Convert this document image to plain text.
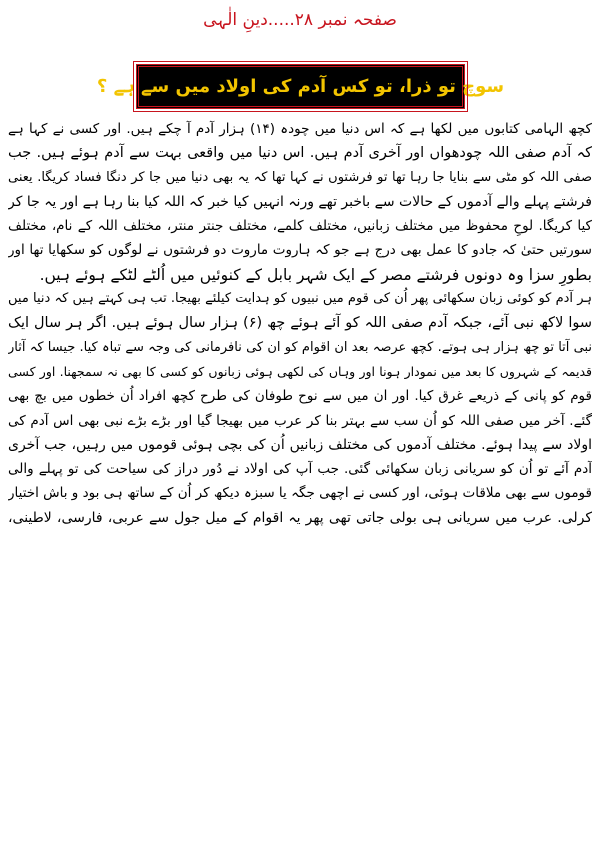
صفحہ نمبر ۲۸.....دینِ الٰہی
سوچ تو ذرا، تو کس آدم کی اولاد میں سے ہے ؟
کچھ الہامی کتابوں میں لکھا ہے کہ اس دنیا میں چودہ (۱۴) ہزار آدم آ چکے ہیں. اور کسی نے کہا ہے
کہ آدم صفی اللہ چودھواں اور آخری آدم ہیں. اس دنیا میں واقعی بہت سے آدم ہوئے ہیں. جب
صفی اللہ کو مٹی سے بنایا جا رہا تھا تو فرشتوں نے کہا تھا کہ یہ بھی دنیا میں جا کر دنگا فساد کریگا. یعنی
فرشتے پہلے والے آدموں کے حالات سے باخبر تھے ورنہ انہیں کیا خبر کہ اللہ کیا بنا رہا ہے اور یہ جا کر
کیا کریگا. لوحِ محفوظ میں مختلف زبانیں، مختلف کلمے، مختلف جنتر منتر، مختلف اللہ کے نام، مختلف
سورتیں حتیٰ کہ جادو کا عمل بھی درج ہے جو کہ ہاروت ماروت دو فرشتوں نے لوگوں کو سکھایا تھا اور
بطورِ سزا وہ دونوں فرشتے مصر کے ایک شہر بابل کے کنوئیں میں اُلٹے لٹکے ہوئے ہیں.
ہر آدم کو کوئی زبان سکھائی پھر اُن کی قوم میں نبیوں کو ہدایت کیلئے بھیجا. تب ہی کہتے ہیں کہ دنیا میں
سوا لاکھ نبی آئے، جبکہ آدم صفی اللہ کو آئے ہوئے چھ (۶) ہزار سال ہوئے ہیں. اگر ہر سال ایک
نبی آتا تو چھ ہزار ہی ہوتے. کچھ عرصہ بعد ان اقوام کو ان کی نافرمانی کی وجہ سے تباہ کیا. جیسا کہ آثار
قدیمہ کے شہروں کا بعد میں نمودار ہونا اور وہاں کی لکھی ہوئی زبانوں کو کسی کا بھی نہ سمجھنا. اور کسی
قوم کو پانی کے ذریعے غرق کیا. اور ان میں سے نوح طوفان کی طرح کچھ افراد اُن خطوں میں بچ بھی
گئے. آخر میں صفی اللہ کو اُن سب سے بہتر بنا کر عرب میں بھیجا گیا اور بڑے بڑے نبی بھی اس آدم کی
اولاد سے پیدا ہوئے. مختلف آدموں کی مختلف زبانیں اُن کی بچی ہوئی قوموں میں رہیں، جب آخری
آدم آئے تو اُن کو سریانی زبان سکھائی گئی. جب آپ کی اولاد نے دُور دراز کی سیاحت کی تو پہلے والی
قوموں سے بھی ملاقات ہوئی، اور کسی نے اچھی جگہ یا سبزہ دیکھ کر اُن کے ساتھ ہی بود و باش اختیار
کرلی. عرب میں سریانی ہی بولی جاتی تھی پھر یہ اقوام کے میل جول سے عربی، فارسی، لاطینی،
